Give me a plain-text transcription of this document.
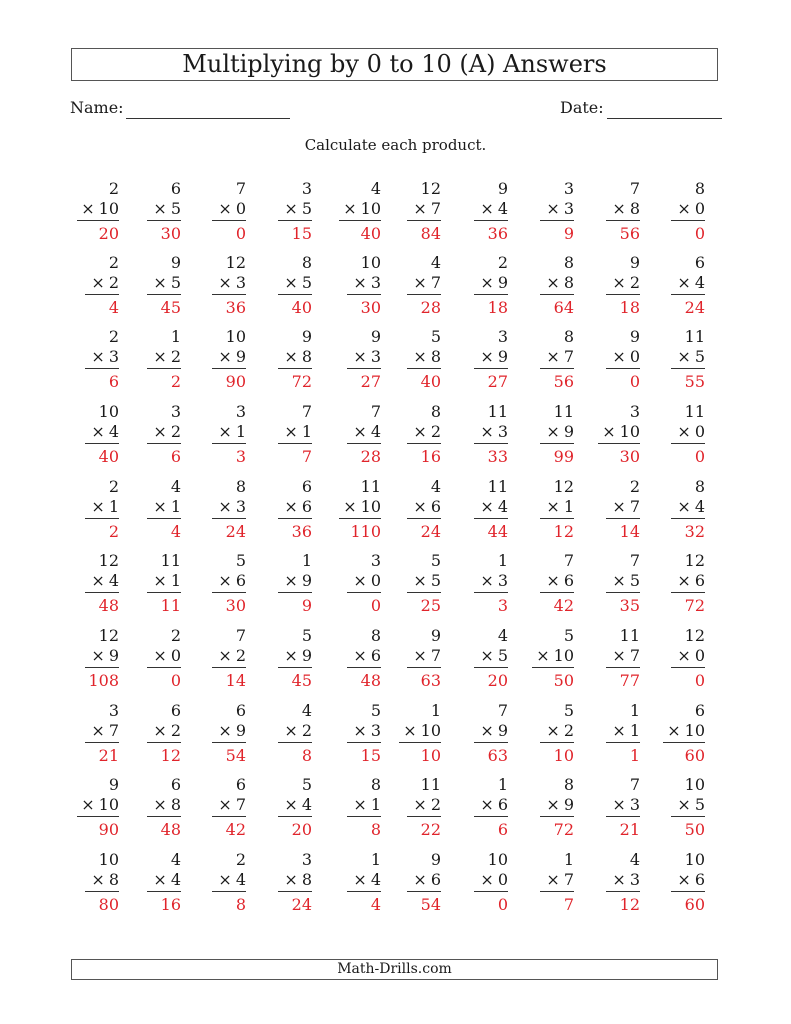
Multiplying by 0 to 10 (A) Answers
Name:	Date:
Calculate each product.
2
× 10
20
6
× 5
30
7
× 0
0
3
× 5
15
4
× 10
40
12
× 7
84
9
× 4
36
3
× 3
9
7
× 8
56
8
× 0
0
2
× 2
4
9
× 5
45
12
× 3
36
8
× 5
40
10
× 3
30
4
× 7
28
2
× 9
18
8
× 8
64
9
× 2
18
6
× 4
24
2
× 3
6
1
× 2
2
10
× 9
90
9
× 8
72
9
× 3
27
5
× 8
40
3
× 9
27
8
× 7
56
9
× 0
0
11
× 5
55
10
× 4
40
3
× 2
6
3
× 1
3
7
× 1
7
7
× 4
28
8
× 2
16
11
× 3
33
11
× 9
99
3
× 10
30
11
× 0
0
2
× 1
2
4
× 1
4
8
× 3
24
6
× 6
36
11
× 10
110
4
× 6
24
11
× 4
44
12
× 1
12
2
× 7
14
8
× 4
32
12
× 4
48
11
× 1
11
5
× 6
30
1
× 9
9
3
× 0
0
5
× 5
25
1
× 3
3
7
× 6
42
7
× 5
35
12
× 6
72
12
× 9
108
2
× 0
0
7
× 2
14
5
× 9
45
8
× 6
48
9
× 7
63
4
× 5
20
5
× 10
50
11
× 7
77
12
× 0
0
3
× 7
21
6
× 2
12
6
× 9
54
4
× 2
8
5
× 3
15
1
× 10
10
7
× 9
63
5
× 2
10
1
× 1
1
6
× 10
60
9
× 10
90
6
× 8
48
6
× 7
42
5
× 4
20
8
× 1
8
11
× 2
22
1
× 6
6
8
× 9
72
7
× 3
21
10
× 5
50
10
× 8
80
4
× 4
16
2
× 4
8
3
× 8
24
1
× 4
4
9
× 6
54
10
× 0
0
1
× 7
7
4
× 3
12
10
× 6
60
Math-Drills.com
